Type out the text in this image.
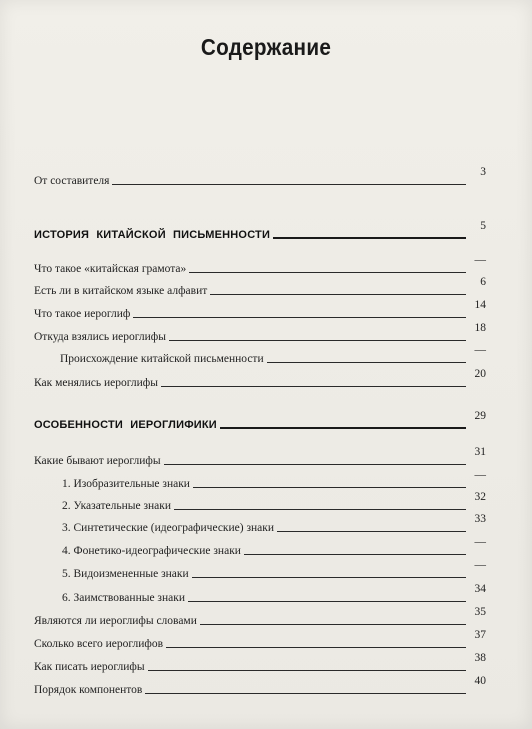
Содержание
От составителя
3
ИСТОРИЯ КИТАЙСКОЙ ПИСЬМЕННОСТИ
5
Что такое «китайская грамота»
—
Есть ли в китайском языке алфавит
6
Что такое иероглиф
14
Откуда взялись иероглифы
18
Происхождение китайской письменности
—
Как менялись иероглифы
20
ОСОБЕННОСТИ ИЕРОГЛИФИКИ
29
Какие бывают иероглифы
31
1. Изобразительные знаки
—
2. Указательные знаки
32
3. Синтетические (идеографические) знаки
33
4. Фонетико-идеографические знаки
—
5. Видоизмененные знаки
—
6. Заимствованные знаки
34
Являются ли иероглифы словами
35
Сколько всего иероглифов
37
Как писать иероглифы
38
Порядок компонентов
40
